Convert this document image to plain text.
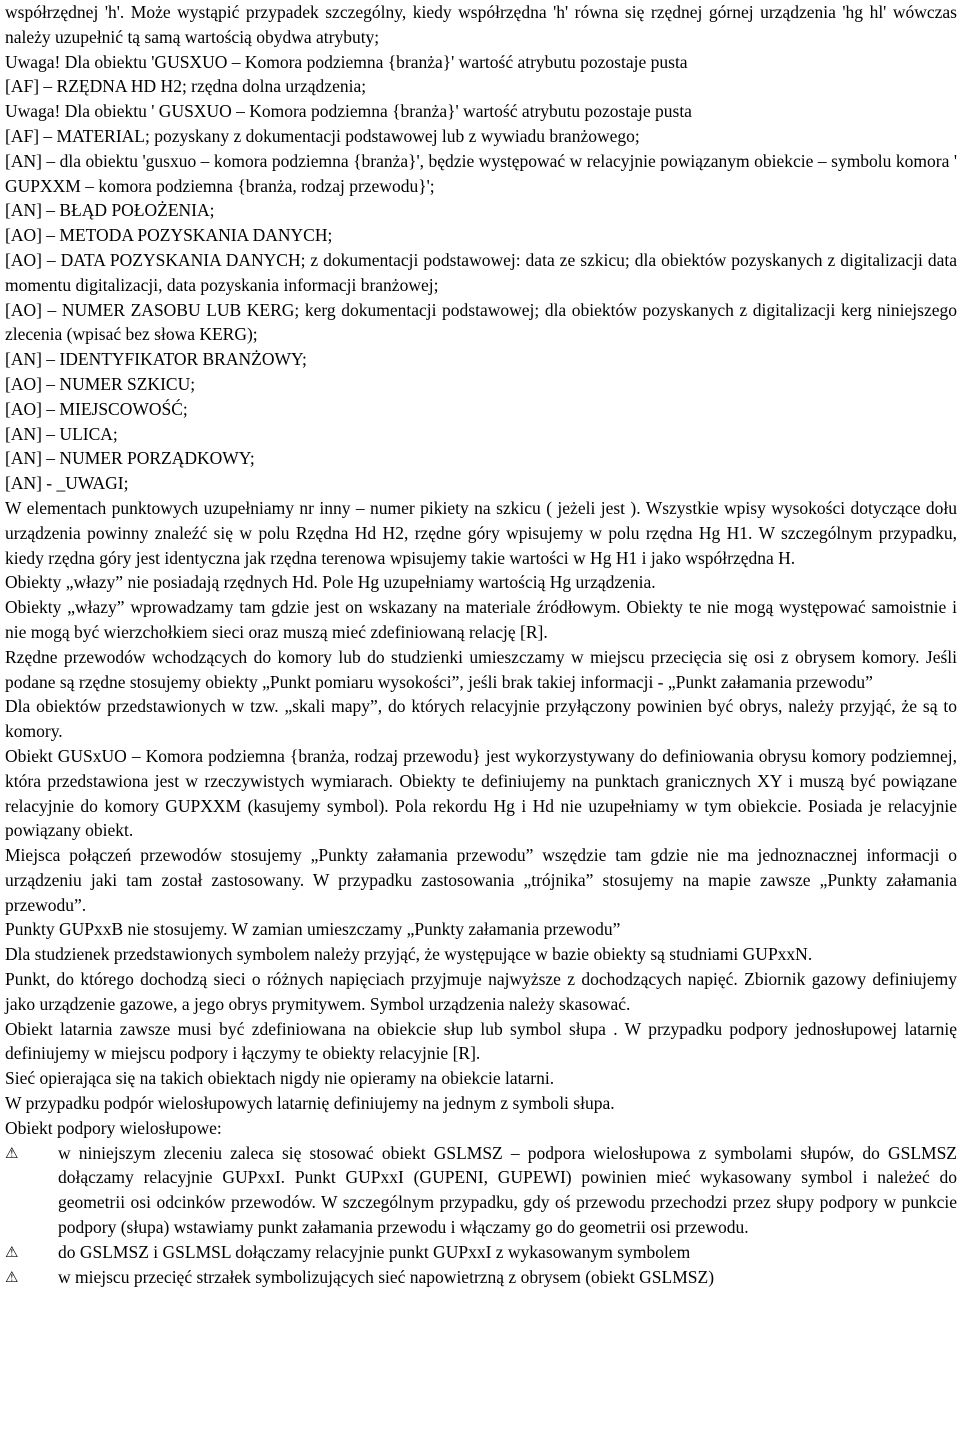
współrzędnej 'h'. Może wystąpić przypadek szczególny, kiedy współrzędna 'h' równa się rzędnej górnej urządzenia 'hg hl' wówczas należy uzupełnić tą samą wartością obydwa atrybuty;

Uwaga! Dla obiektu 'GUSXUO – Komora podziemna {branża}' wartość atrybutu pozostaje pusta

[AF] – RZĘDNA HD H2; rzędna dolna urządzenia;

Uwaga! Dla obiektu ' GUSXUO – Komora podziemna {branża}' wartość atrybutu pozostaje pusta

[AF] – MATERIAL; pozyskany z dokumentacji podstawowej lub z wywiadu branżowego;

[AN] – dla obiektu 'gusxuo – komora podziemna {branża}', będzie występować w relacyjnie powiązanym obiekcie – symbolu komora ' GUPXXM – komora podziemna {branża, rodzaj przewodu}';

[AN] – BŁĄD POŁOŻENIA;

[AO] – METODA POZYSKANIA DANYCH;

[AO] – DATA POZYSKANIA DANYCH; z dokumentacji podstawowej: data ze szkicu; dla obiektów pozyskanych z digitalizacji data momentu digitalizacji, data pozyskania informacji branżowej;

[AO] – NUMER ZASOBU LUB KERG; kerg dokumentacji podstawowej; dla obiektów pozyskanych z digitalizacji kerg niniejszego zlecenia (wpisać bez słowa KERG);

[AN] – IDENTYFIKATOR BRANŻOWY;

[AO] – NUMER SZKICU;

[AO] – MIEJSCOWOŚĆ;

[AN] – ULICA;

[AN] – NUMER PORZĄDKOWY;

[AN] - _UWAGI;

W elementach punktowych uzupełniamy nr inny – numer pikiety na szkicu ( jeżeli jest ). Wszystkie wpisy wysokości dotyczące dołu urządzenia powinny znaleźć się w polu Rzędna Hd H2, rzędne góry wpisujemy w polu rzędna Hg H1. W szczególnym przypadku, kiedy rzędna góry jest identyczna jak rzędna terenowa wpisujemy takie wartości w Hg H1 i jako współrzędna H.

Obiekty „włazy” nie posiadają rzędnych Hd. Pole Hg uzupełniamy wartością Hg urządzenia.

Obiekty „włazy” wprowadzamy tam gdzie jest on wskazany na materiale źródłowym. Obiekty te nie mogą występować samoistnie i nie mogą być wierzchołkiem sieci oraz muszą mieć zdefiniowaną relację [R].

Rzędne przewodów wchodzących do komory lub do studzienki umieszczamy w miejscu przecięcia się osi z obrysem komory. Jeśli podane są rzędne stosujemy obiekty „Punkt pomiaru wysokości”, jeśli brak takiej informacji - „Punkt załamania przewodu”

Dla obiektów przedstawionych w tzw. „skali mapy”, do których relacyjnie przyłączony powinien być obrys, należy przyjąć, że są to komory.

Obiekt GUSxUO – Komora podziemna {branża, rodzaj przewodu} jest wykorzystywany do definiowania obrysu komory podziemnej, która przedstawiona jest w rzeczywistych wymiarach. Obiekty te definiujemy na punktach granicznych XY i muszą być powiązane relacyjnie do komory GUPXXM (kasujemy symbol). Pola rekordu Hg i Hd nie uzupełniamy w tym obiekcie. Posiada je relacyjnie powiązany obiekt.

Miejsca połączeń przewodów stosujemy „Punkty załamania przewodu” wszędzie tam gdzie nie ma jednoznacznej informacji o urządzeniu jaki tam został zastosowany. W przypadku zastosowania „trójnika” stosujemy na mapie zawsze „Punkty załamania przewodu”.

Punkty GUPxxB nie stosujemy. W zamian umieszczamy „Punkty załamania przewodu”

Dla studzienek przedstawionych symbolem należy przyjąć, że występujące w bazie obiekty są studniami GUPxxN.

Punkt, do którego dochodzą sieci o różnych napięciach przyjmuje najwyższe z dochodzących napięć. Zbiornik gazowy definiujemy jako urządzenie gazowe, a jego obrys prymitywem. Symbol urządzenia należy skasować.

Obiekt latarnia zawsze musi być zdefiniowana na obiekcie słup lub symbol słupa . W przypadku podpory jednosłupowej latarnię definiujemy w miejscu podpory i łączymy te obiekty relacyjnie [R].

Sieć opierająca się na takich obiektach nigdy nie opieramy na obiekcie latarni.

W przypadku podpór wielosłupowych latarnię definiujemy na jednym z symboli słupa.

Obiekt podpory wielosłupowe:

⚠	w niniejszym zleceniu zaleca się stosować obiekt GSLMSZ – podpora wielosłupowa z symbolami słupów, do GSLMSZ dołączamy relacyjnie GUPxxI. Punkt GUPxxI (GUPENI, GUPEWI) powinien mieć wykasowany symbol i należeć do geometrii osi odcinków przewodów. W szczególnym przypadku, gdy oś przewodu przechodzi przez słupy podpory w punkcie podpory (słupa) wstawiamy punkt załamania przewodu i włączamy go do geometrii osi przewodu.
⚠	do GSLMSZ i GSLMSL dołączamy relacyjnie punkt GUPxxI z wykasowanym symbolem
⚠	w miejscu przecięć strzałek symbolizujących sieć napowietrzną z obrysem (obiekt GSLMSZ)
